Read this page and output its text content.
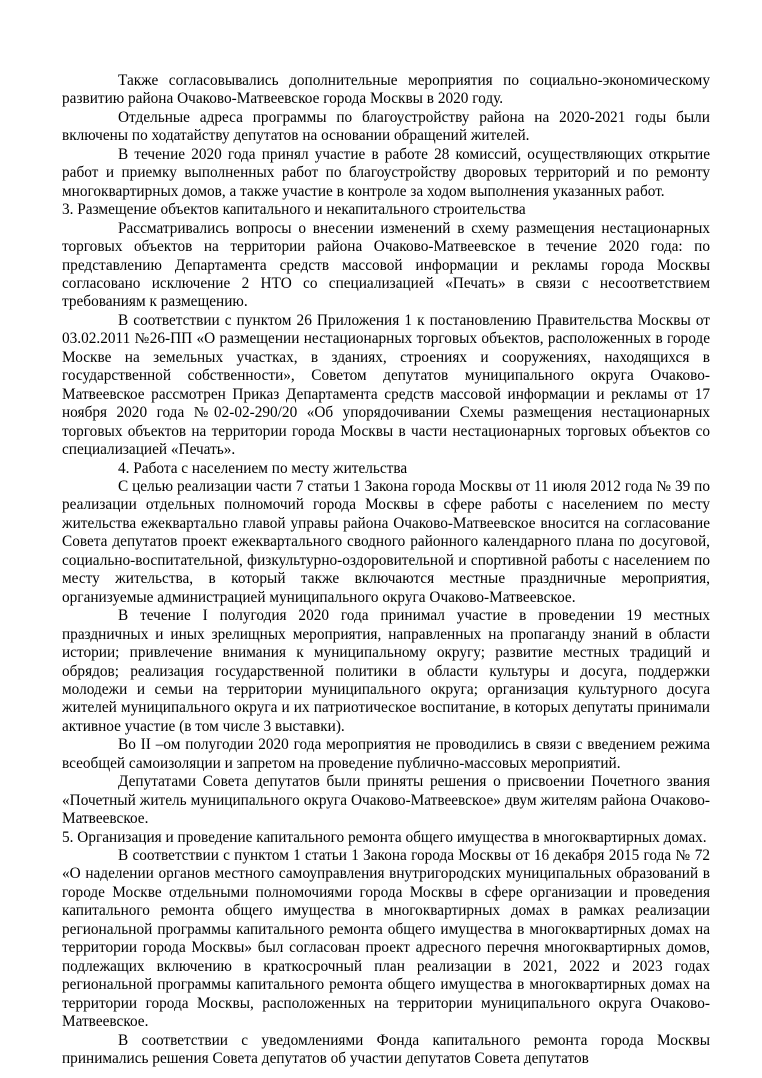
Также согласовывались дополнительные мероприятия по социально-экономическому развитию района Очаково-Матвеевское города Москвы в 2020 году.

Отдельные адреса программы по благоустройству района на 2020-2021 годы были включены по ходатайству депутатов на основании обращений жителей.

В течение 2020 года принял участие в работе 28 комиссий, осуществляющих открытие работ и приемку выполненных работ по благоустройству дворовых территорий и по ремонту многоквартирных домов, а также участие в контроле за ходом выполнения указанных работ.

3. Размещение объектов капитального и некапитального строительства

Рассматривались вопросы о внесении изменений в схему размещения нестационарных торговых объектов на территории района Очаково-Матвеевское в течение 2020 года: по представлению Департамента средств массовой информации и рекламы города Москвы согласовано исключение 2 НТО со специализацией «Печать» в связи с несоответствием требованиям к размещению.

В соответствии с пунктом 26 Приложения 1 к постановлению Правительства Москвы от 03.02.2011 №26-ПП «О размещении нестационарных торговых объектов, расположенных в городе Москве на земельных участках, в зданиях, строениях и сооружениях, находящихся в государственной собственности», Советом депутатов муниципального округа Очаково-Матвеевское рассмотрен Приказ Департамента средств массовой информации и рекламы от 17 ноября 2020 года №02-02-290/20 «Об упорядочивании Схемы размещения нестационарных торговых объектов на территории города Москвы в части нестационарных торговых объектов со специализацией «Печать».

4. Работа с населением по месту жительства

С целью реализации части 7 статьи 1 Закона города Москвы от 11 июля 2012 года № 39 по реализации отдельных полномочий города Москвы в сфере работы с населением по месту жительства ежеквартально главой управы района Очаково-Матвеевское вносится на согласование Совета депутатов проект ежеквартального сводного районного календарного плана по досуговой, социально-воспитательной, физкультурно-оздоровительной и спортивной работы с населением по месту жительства, в который также включаются местные праздничные мероприятия, организуемые администрацией муниципального округа Очаково-Матвеевское.

В течение I полугодия 2020 года принимал участие в проведении 19 местных праздничных и иных зрелищных мероприятия, направленных на пропаганду знаний в области истории; привлечение внимания к муниципальному округу; развитие местных традиций и обрядов; реализация государственной политики в области культуры и досуга, поддержки молодежи и семьи на территории муниципального округа; организация культурного досуга жителей муниципального округа и их патриотическое воспитание, в которых депутаты принимали активное участие (в том числе 3 выставки).

Во II –ом полугодии 2020 года мероприятия не проводились в связи с введением режима всеобщей самоизоляции и запретом на проведение публично-массовых мероприятий.

Депутатами Совета депутатов были приняты решения о присвоении Почетного звания «Почетный житель муниципального округа Очаково-Матвеевское» двум жителям района Очаково-Матвеевское.

5. Организация и проведение капитального ремонта общего имущества в многоквартирных домах.

В соответствии с пунктом 1 статьи 1 Закона города Москвы от 16 декабря 2015 года № 72 «О наделении органов местного самоуправления внутригородских муниципальных образований в городе Москве отдельными полномочиями города Москвы в сфере организации и проведения капитального ремонта общего имущества в многоквартирных домах в рамках реализации региональной программы капитального ремонта общего имущества в многоквартирных домах на территории города Москвы» был согласован проект адресного перечня многоквартирных домов, подлежащих включению в краткосрочный план реализации в 2021, 2022 и 2023 годах региональной программы капитального ремонта общего имущества в многоквартирных домах на территории города Москвы, расположенных на территории муниципального округа Очаково-Матвеевское.

В соответствии с уведомлениями Фонда капитального ремонта города Москвы принимались решения Совета депутатов об участии депутатов Совета депутатов
